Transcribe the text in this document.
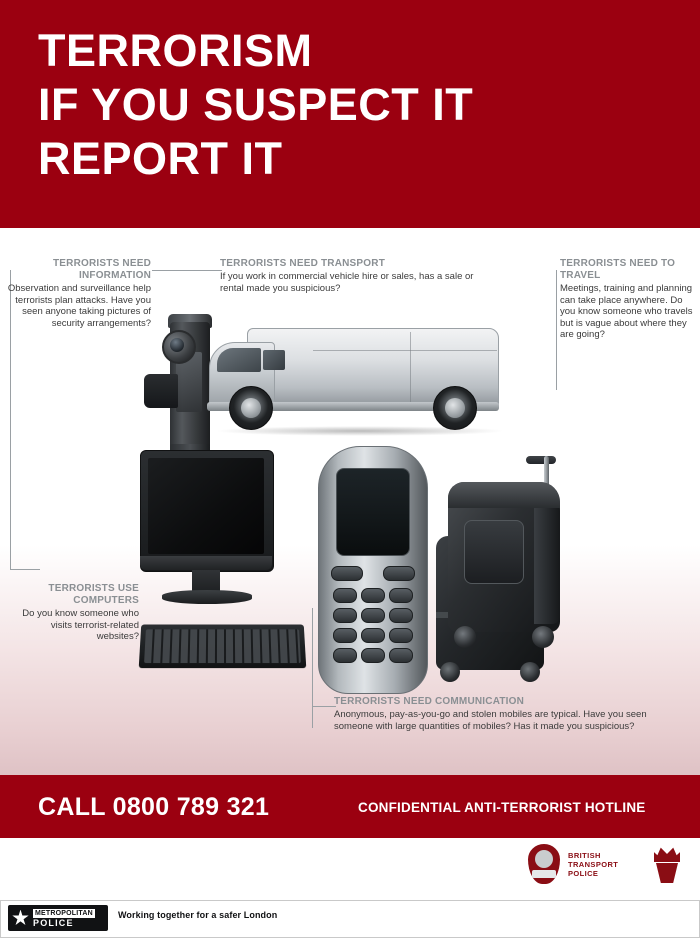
TERRORISM
IF YOU SUSPECT IT
REPORT IT
TERRORISTS NEED INFORMATION
Observation and surveillance help terrorists plan attacks. Have you seen anyone taking pictures of security arrangements?
TERRORISTS NEED TRANSPORT
If you work in commercial vehicle hire or sales, has a sale or rental made you suspicious?
TERRORISTS NEED TO TRAVEL
Meetings, training and planning can take place anywhere. Do you know someone who travels but is vague about where they are going?
TERRORISTS USE COMPUTERS
Do you know someone who visits terrorist-related websites?
TERRORISTS NEED COMMUNICATION
Anonymous, pay-as-you-go and stolen mobiles are typical. Have you seen someone with large quantities of mobiles? Has it made you suspicious?
CALL 0800 789 321	CONFIDENTIAL ANTI-TERRORIST HOTLINE
BRITISH
TRANSPORT
POLICE
METROPOLITAN
POLICE
Working together for a safer London
